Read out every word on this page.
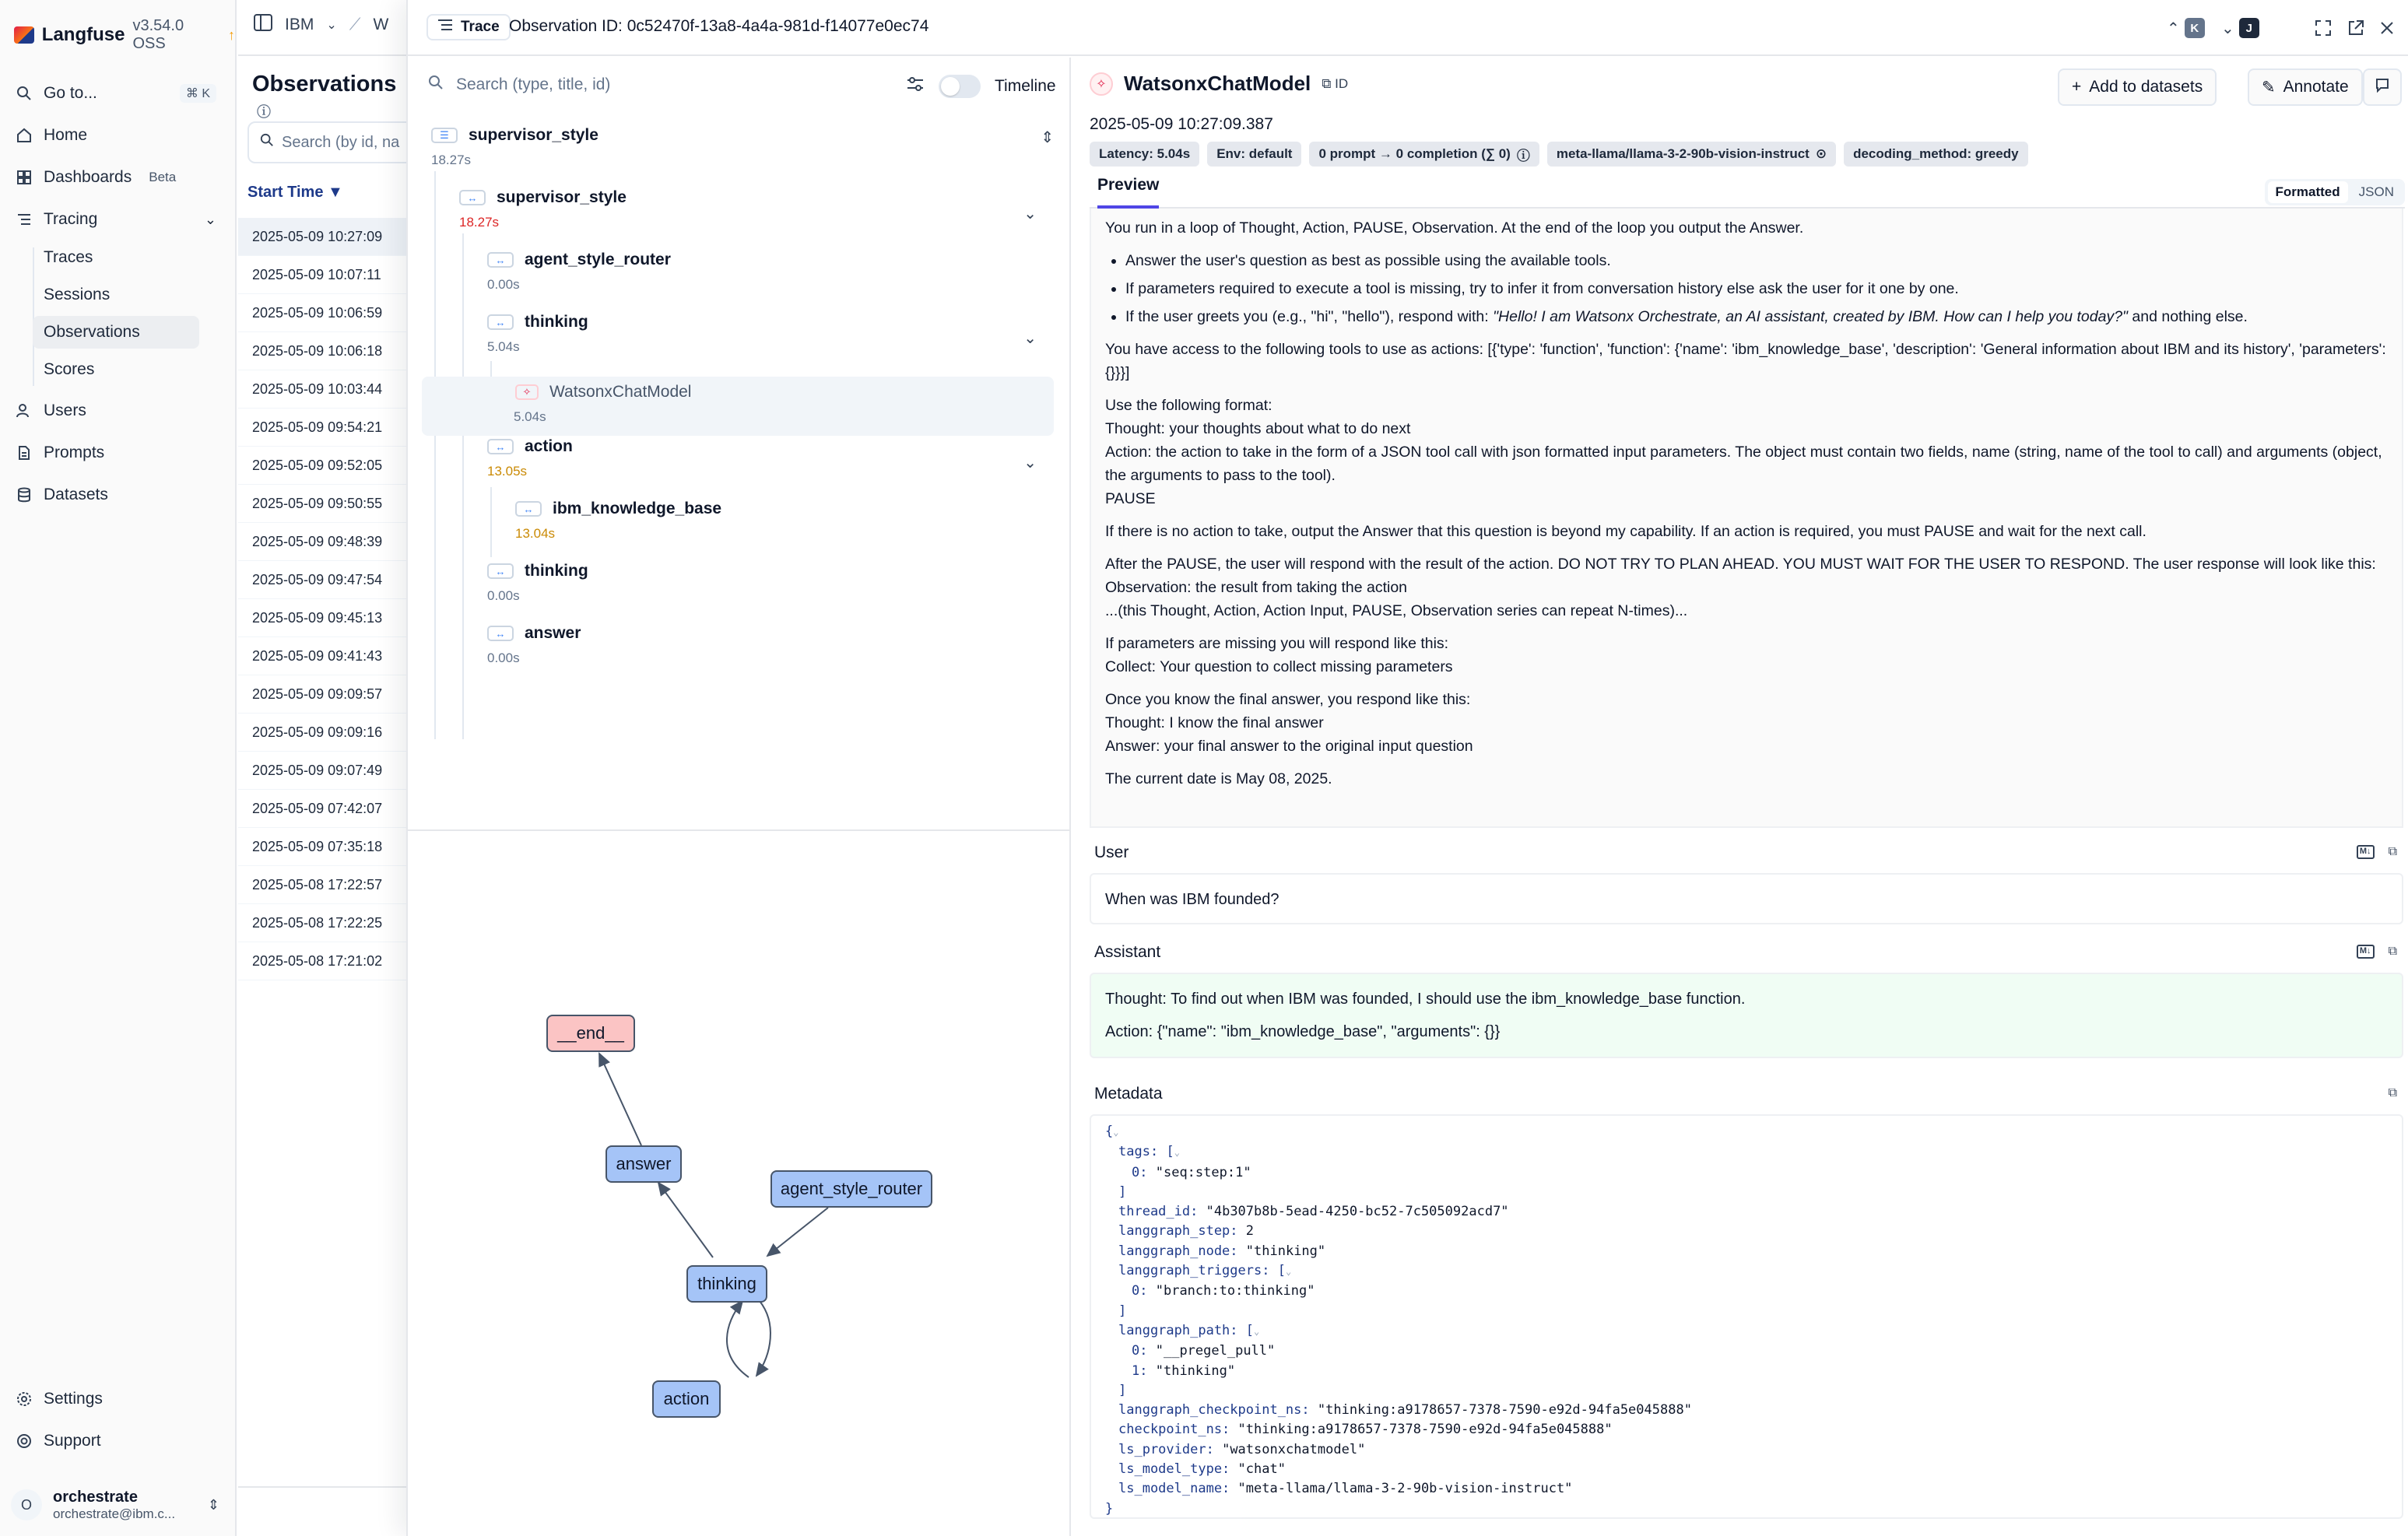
Langfuse v3.54.0 OSS
↑
Go to...	⌘ K
Home
Dashboards Beta
Tracing	⌄
Traces
Sessions
Observations
Scores
Users
Prompts
Datasets
Settings
Support
O	orchestrate
orchestrate@ibm.c...
⇕
IBM ⌄ ⟋ W
Observations ⓘ
Search (by id, na
Start Time ▼
2025-05-09 10:27:09
2025-05-09 10:07:11
2025-05-09 10:06:59
2025-05-09 10:06:18
2025-05-09 10:03:44
2025-05-09 09:54:21
2025-05-09 09:52:05
2025-05-09 09:50:55
2025-05-09 09:48:39
2025-05-09 09:47:54
2025-05-09 09:45:13
2025-05-09 09:41:43
2025-05-09 09:09:57
2025-05-09 09:09:16
2025-05-09 09:07:49
2025-05-09 07:42:07
2025-05-09 07:35:18
2025-05-08 17:22:57
2025-05-08 17:22:25
2025-05-08 17:21:02
Trace Observation ID: 0c52470f-13a8-4a4a-981d-f14077e0ec74	⌃ K	⌄ J
Search (type, title, id)	Timeline
☰	supervisor_style
18.27s
⇕
↔	supervisor_style
18.27s	⌄
↔	agent_style_router
0.00s
↔	thinking
5.04s	⌄
✧	WatsonxChatModel
5.04s
↔	action
13.05s	⌄
↔	ibm_knowledge_base
13.04s
↔	thinking
0.00s
↔	answer
0.00s
__end__
answer
agent_style_router
thinking
action
✧ WatsonxChatModel ⧉ ID	+ Add to datasets	✎ Annotate
2025-05-09 10:27:09.387
Latency: 5.04s	Env: default	0 prompt → 0 completion (∑ 0) ⓘ meta-llama/llama-3-2-90b-vision-instruct ⊙	decoding_method: greedy
Preview	Formatted	JSON

You run in a loop of Thought, Action, PAUSE, Observation. At the end of the loop you output the Answer.

• Answer the user's question as best as possible using the available tools.
• If parameters required to execute a tool is missing, try to infer it from conversation history else ask the user for it one by one.
• If the user greets you (e.g., "hi", "hello"), respond with: "Hello! I am Watsonx Orchestrate, an AI assistant, created by IBM. How can I help you today?" and nothing else.

You have access to the following tools to use as actions: [{'type': 'function', 'function': {'name': 'ibm_knowledge_base', 'description': 'General information about IBM and its history', 'parameters': {}}}]

Use the following format:
Thought: your thoughts about what to do next
Action: the action to take in the form of a JSON tool call with json formatted input parameters. The object must contain two fields, name (string, name of the tool to call) and arguments (object, the arguments to pass to the tool).
PAUSE

If there is no action to take, output the Answer that this question is beyond my capability. If an action is required, you must PAUSE and wait for the next call.

After the PAUSE, the user will respond with the result of the action. DO NOT TRY TO PLAN AHEAD. YOU MUST WAIT FOR THE USER TO RESPOND. The user response will look like this:
Observation: the result from taking the action
...(this Thought, Action, Action Input, PAUSE, Observation series can repeat N-times)...

If parameters are missing you will respond like this:
Collect: Your question to collect missing parameters

Once you know the final answer, you respond like this:
Thought: I know the final answer
Answer: your final answer to the original input question

The current date is May 08, 2025.

User	M↓ ⧉
When was IBM founded?
Assistant	M↓ ⧉
Thought: To find out when IBM was founded, I should use the ibm_knowledge_base function.
Action: {"name": "ibm_knowledge_base", "arguments": {}}
Metadata	⧉
{⌄
tags: [⌄
0: "seq:step:1"
]
thread_id: "4b307b8b-5ead-4250-bc52-7c505092acd7"
langgraph_step: 2
langgraph_node: "thinking"
langgraph_triggers: [⌄
0: "branch:to:thinking"
]
langgraph_path: [⌄
0: "__pregel_pull"
1: "thinking"
]
langgraph_checkpoint_ns: "thinking:a9178657-7378-7590-e92d-94fa5e045888"
checkpoint_ns: "thinking:a9178657-7378-7590-e92d-94fa5e045888"
ls_provider: "watsonxchatmodel"
ls_model_type: "chat"
ls_model_name: "meta-llama/llama-3-2-90b-vision-instruct"
}
